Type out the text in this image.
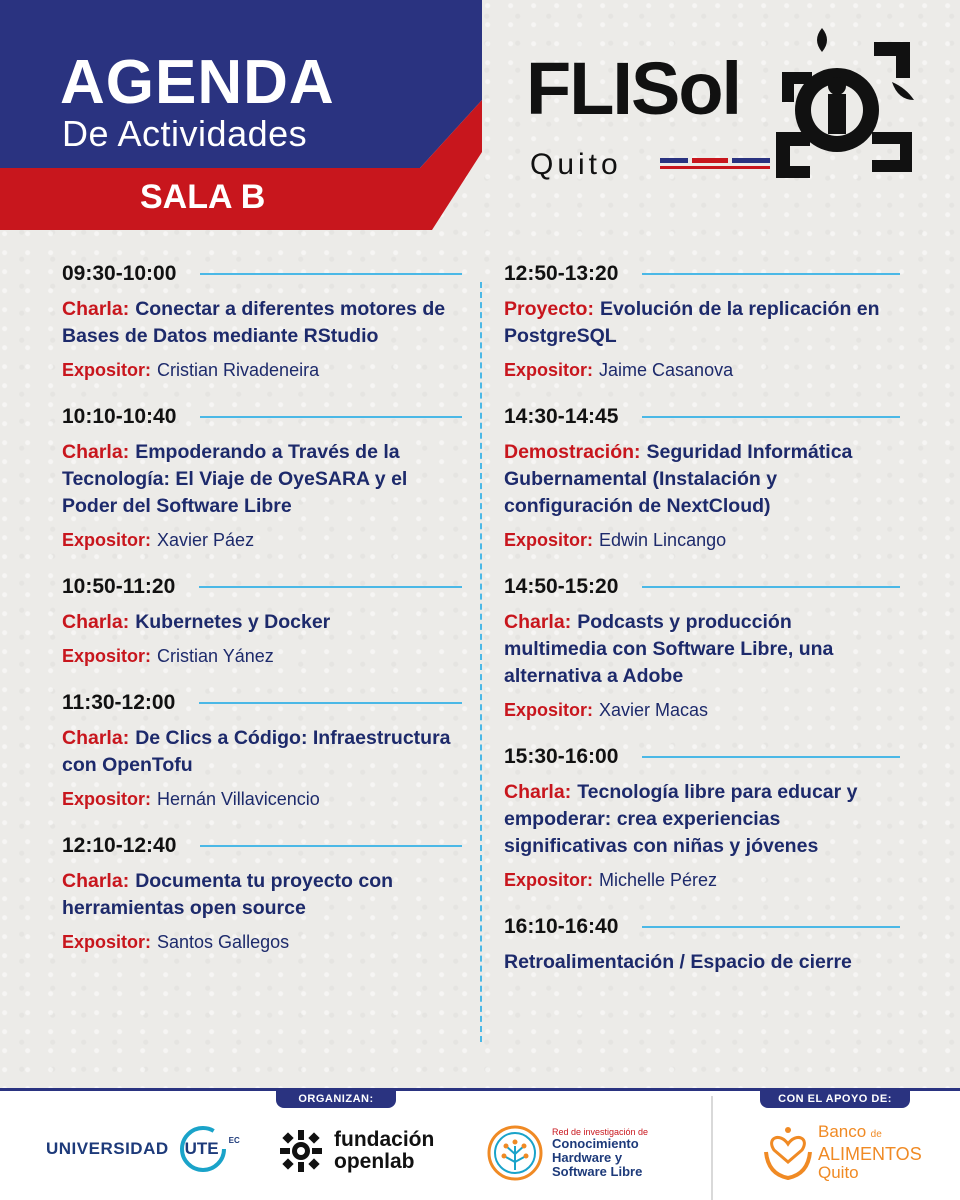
AGENDA
De Actividades
SALA B
FLISol
Quito
09:30-10:00
Charla: Conectar a diferentes motores de Bases de Datos mediante RStudio
Expositor: Cristian Rivadeneira
10:10-10:40
Charla: Empoderando a Través de la Tecnología: El Viaje de OyeSARA y el Poder del Software Libre
Expositor: Xavier Páez
10:50-11:20
Charla: Kubernetes y Docker
Expositor: Cristian Yánez
11:30-12:00
Charla: De Clics a Código: Infraestructura con OpenTofu
Expositor: Hernán Villavicencio
12:10-12:40
Charla: Documenta tu proyecto con herramientas open source
Expositor: Santos Gallegos
12:50-13:20
Proyecto: Evolución de la replicación en PostgreSQL
Expositor: Jaime Casanova
14:30-14:45
Demostración: Seguridad Informática Gubernamental (Instalación y configuración de NextCloud)
Expositor: Edwin Lincango
14:50-15:20
Charla: Podcasts y producción multimedia con Software Libre, una alternativa a Adobe
Expositor: Xavier Macas
15:30-16:00
Charla: Tecnología libre para educar y empoderar: crea experiencias significativas con niñas y jóvenes
Expositor: Michelle Pérez
16:10-16:40
Retroalimentación / Espacio de cierre
ORGANIZAN:	CON EL APOYO DE:
UNIVERSIDAD UTE EC	fundación
openlab
Red de investigación de
Conocimiento
Hardware y
Software Libre
Banco de
ALIMENTOS
Quito
